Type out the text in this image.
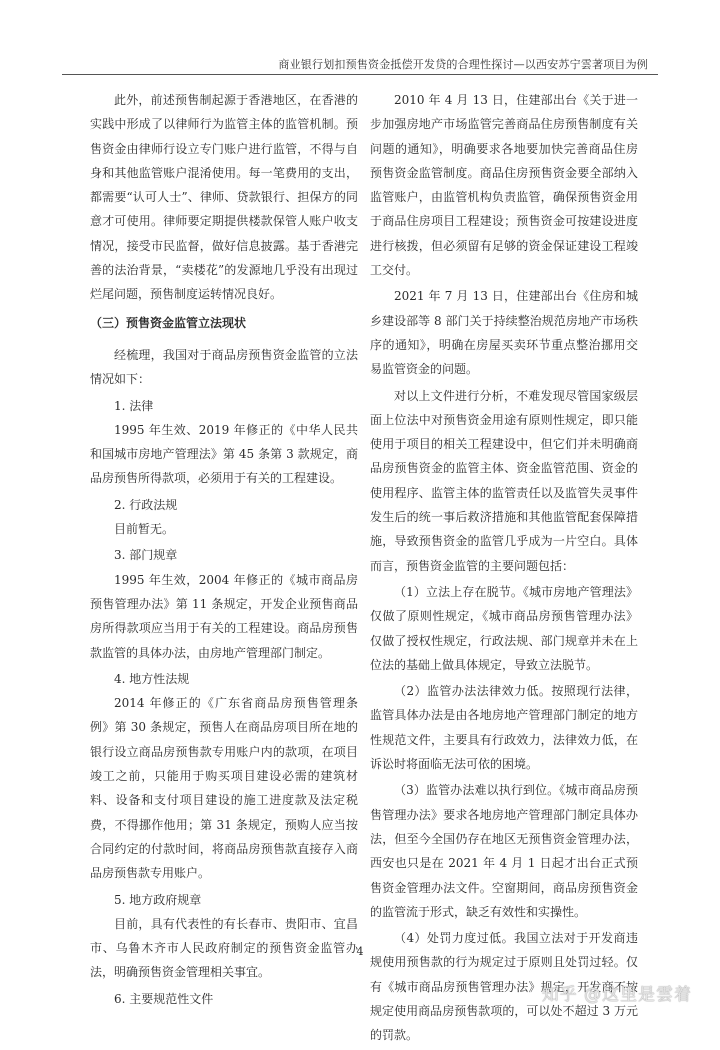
商业银行划扣预售资金抵偿开发贷的合理性探讨—以西安苏宁雲著项目为例

此外，前述预售制起源于香港地区，在香港的实践中形成了以律师行为监管主体的监管机制。预售资金由律师行设立专门账户进行监管，不得与自身和其他监管账户混淆使用。每一笔费用的支出，都需要“认可人士”、律师、贷款银行、担保方的同意才可使用。律师要定期提供楼款保管人账户收支情况，接受市民监督，做好信息披露。基于香港完善的法治背景，“卖楼花”的发源地几乎没有出现过烂尾问题，预售制度运转情况良好。

（三）预售资金监管立法现状

经梳理，我国对于商品房预售资金监管的立法情况如下：

1. 法律

1995 年生效、2019 年修正的《中华人民共和国城市房地产管理法》第 45 条第 3 款规定，商品房预售所得款项，必须用于有关的工程建设。

2. 行政法规

目前暂无。

3. 部门规章

1995 年生效，2004 年修正的《城市商品房预售管理办法》第 11 条规定，开发企业预售商品房所得款项应当用于有关的工程建设。商品房预售款监管的具体办法，由房地产管理部门制定。

4. 地方性法规

2014 年修正的《广东省商品房预售管理条例》第 30 条规定，预售人在商品房项目所在地的银行设立商品房预售款专用账户内的款项，在项目竣工之前，只能用于购买项目建设必需的建筑材料、设备和支付项目建设的施工进度款及法定税费，不得挪作他用；第 31 条规定，预购人应当按合同约定的付款时间，将商品房预售款直接存入商品房预售款专用账户。

5. 地方政府规章

目前，具有代表性的有长春市、贵阳市、宜昌市、乌鲁木齐市人民政府制定的预售资金监管办法，明确预售资金管理相关事宜。

6. 主要规范性文件

2010 年 4 月 13 日，住建部出台《关于进一步加强房地产市场监管完善商品住房预售制度有关问题的通知》，明确要求各地要加快完善商品住房预售资金监管制度。商品住房预售资金要全部纳入监管账户，由监管机构负责监管，确保预售资金用于商品住房项目工程建设；预售资金可按建设进度进行核拨，但必须留有足够的资金保证建设工程竣工交付。

2021 年 7 月 13 日，住建部出台《住房和城乡建设部等 8 部门关于持续整治规范房地产市场秩序的通知》，明确在房屋买卖环节重点整治挪用交易监管资金的问题。

对以上文件进行分析，不难发现尽管国家级层面上位法中对预售资金用途有原则性规定，即只能使用于项目的相关工程建设中，但它们并未明确商品房预售资金的监管主体、资金监管范围、资金的使用程序、监管主体的监管责任以及监管失灵事件发生后的统一事后救济措施和其他监管配套保障措施，导致预售资金的监管几乎成为一片空白。具体而言，预售资金监管的主要问题包括：

（1）立法上存在脱节。《城市房地产管理法》仅做了原则性规定，《城市商品房预售管理办法》仅做了授权性规定，行政法规、部门规章并未在上位法的基础上做具体规定，导致立法脱节。

（2）监管办法法律效力低。按照现行法律，监管具体办法是由各地房地产管理部门制定的地方性规范文件，主要具有行政效力，法律效力低，在诉讼时将面临无法可依的困境。

（3）监管办法难以执行到位。《城市商品房预售管理办法》要求各地房地产管理部门制定具体办法，但至今全国仍存在地区无预售资金管理办法，西安也只是在 2021 年 4 月 1 日起才出台正式预售资金管理办法文件。空窗期间，商品房预售资金的监管流于形式，缺乏有效性和实操性。

（4）处罚力度过低。我国立法对于开发商违规使用预售款的行为规定过于原则且处罚过轻。仅有《城市商品房预售管理办法》规定，开发商不按规定使用商品房预售款项的，可以处不超过 3 万元的罚款。

4
知乎 @这里是雲着
